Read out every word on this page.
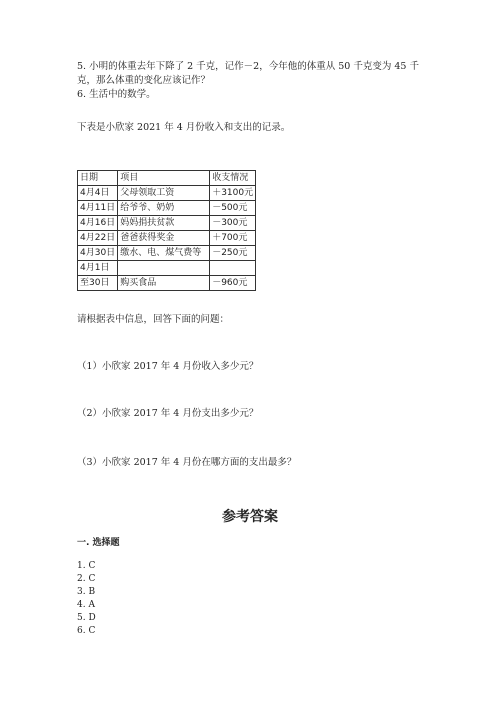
5. 小明的体重去年下降了 2 千克，记作－2，今年他的体重从 50 千克变为 45 千
克，那么体重的变化应该记作？
6. 生活中的数学。
下表是小欣家 2021 年 4 月份收入和支出的记录。
日期	项目	收支情况
4月4日	父母领取工资	＋3100元
4月11日	给爷爷、奶奶	－500元
4月16日	妈妈捐扶贫款	－300元
4月22日	爸爸获得奖金	＋700元
4月30日	缴水、电、煤气费等	－250元
4月1日		
至30日	购买食品	－960元
请根据表中信息，回答下面的问题：
（1）小欣家 2017 年 4 月份收入多少元？
（2）小欣家 2017 年 4 月份支出多少元？
（3）小欣家 2017 年 4 月份在哪方面的支出最多？
参考答案
一. 选择题
1. C
2. C
3. B
4. A
5. D
6. C
